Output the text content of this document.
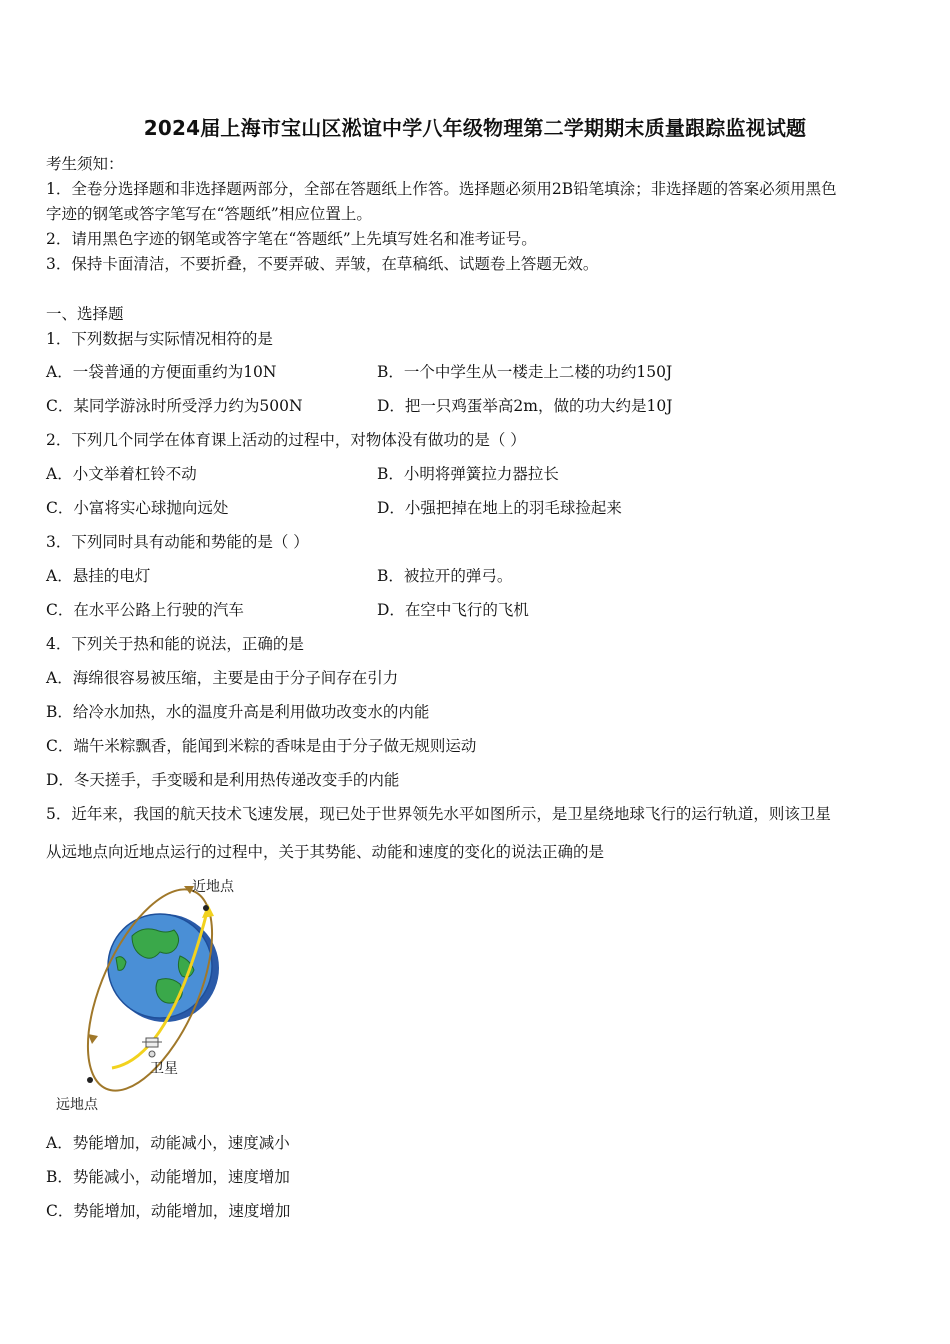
2024届上海市宝山区淞谊中学八年级物理第二学期期末质量跟踪监视试题
考生须知：
1．全卷分选择题和非选择题两部分，全部在答题纸上作答。选择题必须用2B铅笔填涂；非选择题的答案必须用黑色
字迹的钢笔或答字笔写在“答题纸”相应位置上。
2．请用黑色字迹的钢笔或答字笔在“答题纸”上先填写姓名和准考证号。
3．保持卡面清洁，不要折叠，不要弄破、弄皱，在草稿纸、试题卷上答题无效。
一、选择题
1．下列数据与实际情况相符的是
A．一袋普通的方便面重约为10N	B．一个中学生从一楼走上二楼的功约150J
C．某同学游泳时所受浮力约为500N	D．把一只鸡蛋举高2m，做的功大约是10J
2．下列几个同学在体育课上活动的过程中，对物体没有做功的是（ ）
A．小文举着杠铃不动	B．小明将弹簧拉力器拉长
C．小富将实心球抛向远处	D．小强把掉在地上的羽毛球捡起来
3．下列同时具有动能和势能的是（ ）
A．悬挂的电灯	B．被拉开的弹弓。
C．在水平公路上行驶的汽车	D．在空中飞行的飞机
4．下列关于热和能的说法，正确的是
A．海绵很容易被压缩，主要是由于分子间存在引力
B．给冷水加热，水的温度升高是利用做功改变水的内能
C．端午米粽飘香，能闻到米粽的香味是由于分子做无规则运动
D．冬天搓手，手变暖和是利用热传递改变手的内能
5．近年来，我国的航天技术飞速发展，现已处于世界领先水平如图所示，是卫星绕地球飞行的运行轨道，则该卫星
从远地点向近地点运行的过程中，关于其势能、动能和速度的变化的说法正确的是
近地点
卫星
远地点
A．势能增加，动能减小，速度减小
B．势能减小，动能增加，速度增加
C．势能增加，动能增加，速度增加
